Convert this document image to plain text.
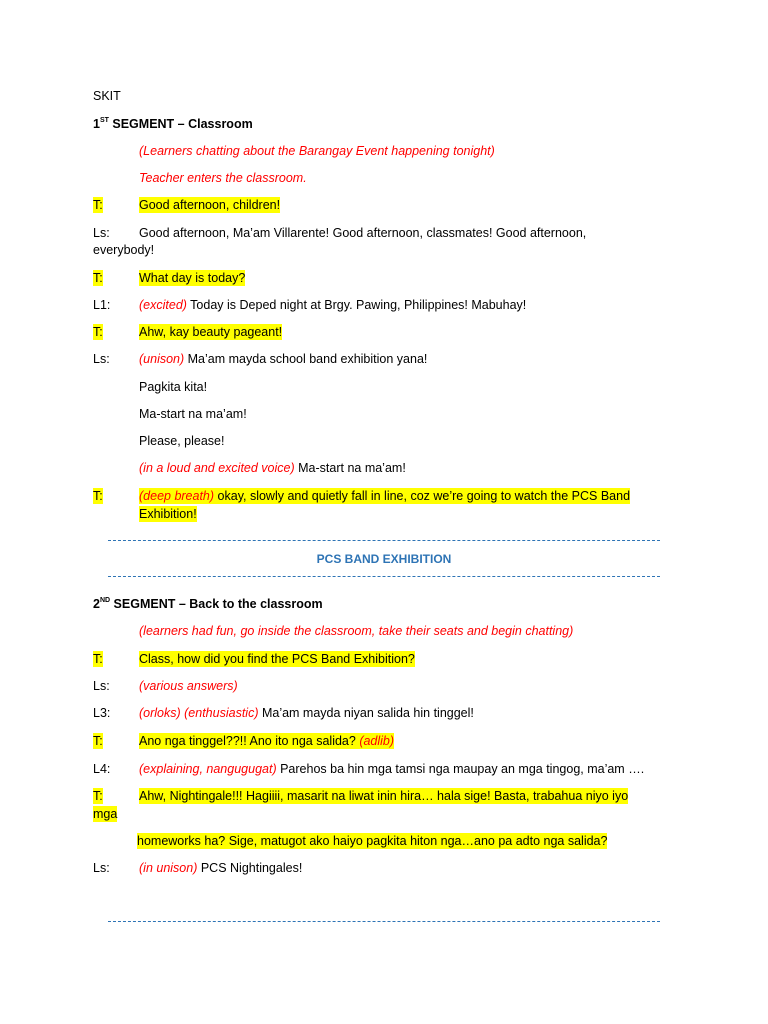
SKIT
1ST SEGMENT – Classroom
(Learners chatting about the Barangay Event happening tonight)
Teacher enters the classroom.
T:	Good afternoon, children!
Ls: Good afternoon, Ma’am Villarente! Good afternoon, classmates! Good afternoon,
everybody!
T:	What day is today?
L1: (excited) Today is Deped night at Brgy. Pawing, Philippines! Mabuhay!
T:	Ahw, kay beauty pageant!
Ls: (unison) Ma’am mayda school band exhibition yana!
Pagkita kita!
Ma-start na ma’am!
Please, please!
(in a loud and excited voice) Ma-start na ma’am!
T:	(deep breath) okay, slowly and quietly fall in line, coz we’re going to watch the PCS Band
Exhibition!
PCS BAND EXHIBITION
2ND SEGMENT – Back to the classroom
(learners had fun, go inside the classroom, take their seats and begin chatting)
T:	Class, how did you find the PCS Band Exhibition?
Ls: (various answers)
L3: (orloks) (enthusiastic) Ma’am mayda niyan salida hin tinggel!
T:	Ano nga tinggel??!! Ano ito nga salida? (adlib)
L4: (explaining, nangugugat) Parehos ba hin mga tamsi nga maupay an mga tingog, ma’am ….
T:	Ahw, Nightingale!!! Hagiiii, masarit na liwat inin hira… hala sige! Basta, trabahua niyo iyo
mga
homeworks ha? Sige, matugot ako haiyo pagkita hiton nga…ano pa adto nga salida?
Ls: (in unison) PCS Nightingales!
